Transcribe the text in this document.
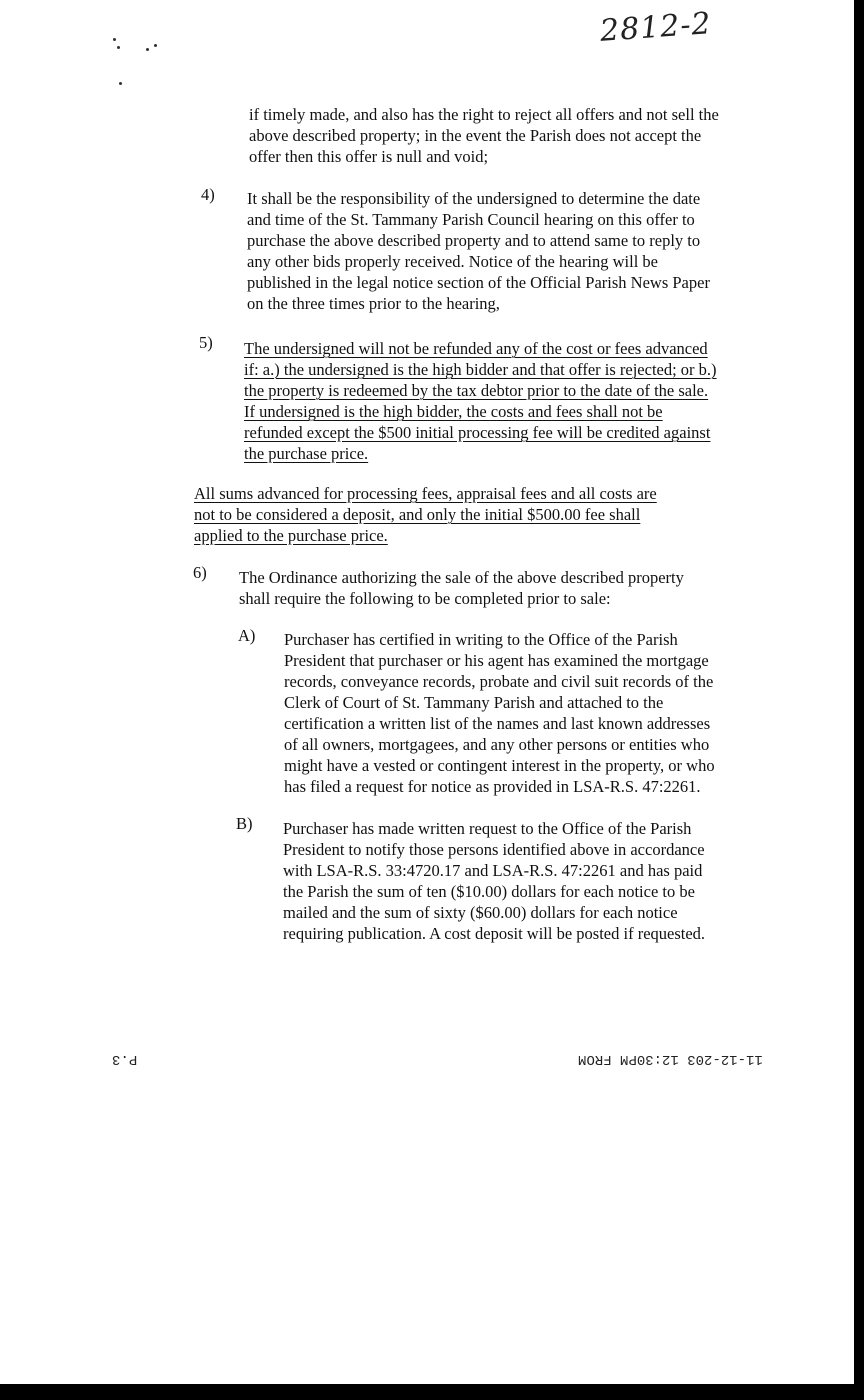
2812-2
if timely made, and also has the right to reject all offers and not sell the
above described property; in the event the Parish does not accept the
offer then this offer is null and void;
4) It shall be the responsibility of the undersigned to determine the date
and time of the St. Tammany Parish Council hearing on this offer to
purchase the above described property and to attend same to reply to
any other bids properly received. Notice of the hearing will be
published in the legal notice section of the Official Parish News Paper
on the three times prior to the hearing,
5) The undersigned will not be refunded any of the cost or fees advanced
if: a.) the undersigned is the high bidder and that offer is rejected; or b.)
the property is redeemed by the tax debtor prior to the date of the sale.
If undersigned is the high bidder, the costs and fees shall not be
refunded except the $500 initial processing fee will be credited against
the purchase price.
All sums advanced for processing fees, appraisal fees and all costs are
not to be considered a deposit, and only the initial $500.00 fee shall
applied to the purchase price.
6) The Ordinance authorizing the sale of the above described property
shall require the following to be completed prior to sale:
A) Purchaser has certified in writing to the Office of the Parish
President that purchaser or his agent has examined the mortgage
records, conveyance records, probate and civil suit records of the
Clerk of Court of St. Tammany Parish and attached to the
certification a written list of the names and last known addresses
of all owners, mortgagees, and any other persons or entities who
might have a vested or contingent interest in the property, or who
has filed a request for notice as provided in LSA-R.S. 47:2261.
B) Purchaser has made written request to the Office of the Parish
President to notify those persons identified above in accordance
with LSA-R.S. 33:4720.17 and LSA-R.S. 47:2261 and has paid
the Parish the sum of ten ($10.00) dollars for each notice to be
mailed and the sum of sixty ($60.00) dollars for each notice
requiring publication. A cost deposit will be posted if requested.
P.3	11-12-203 12:30PM FROM
